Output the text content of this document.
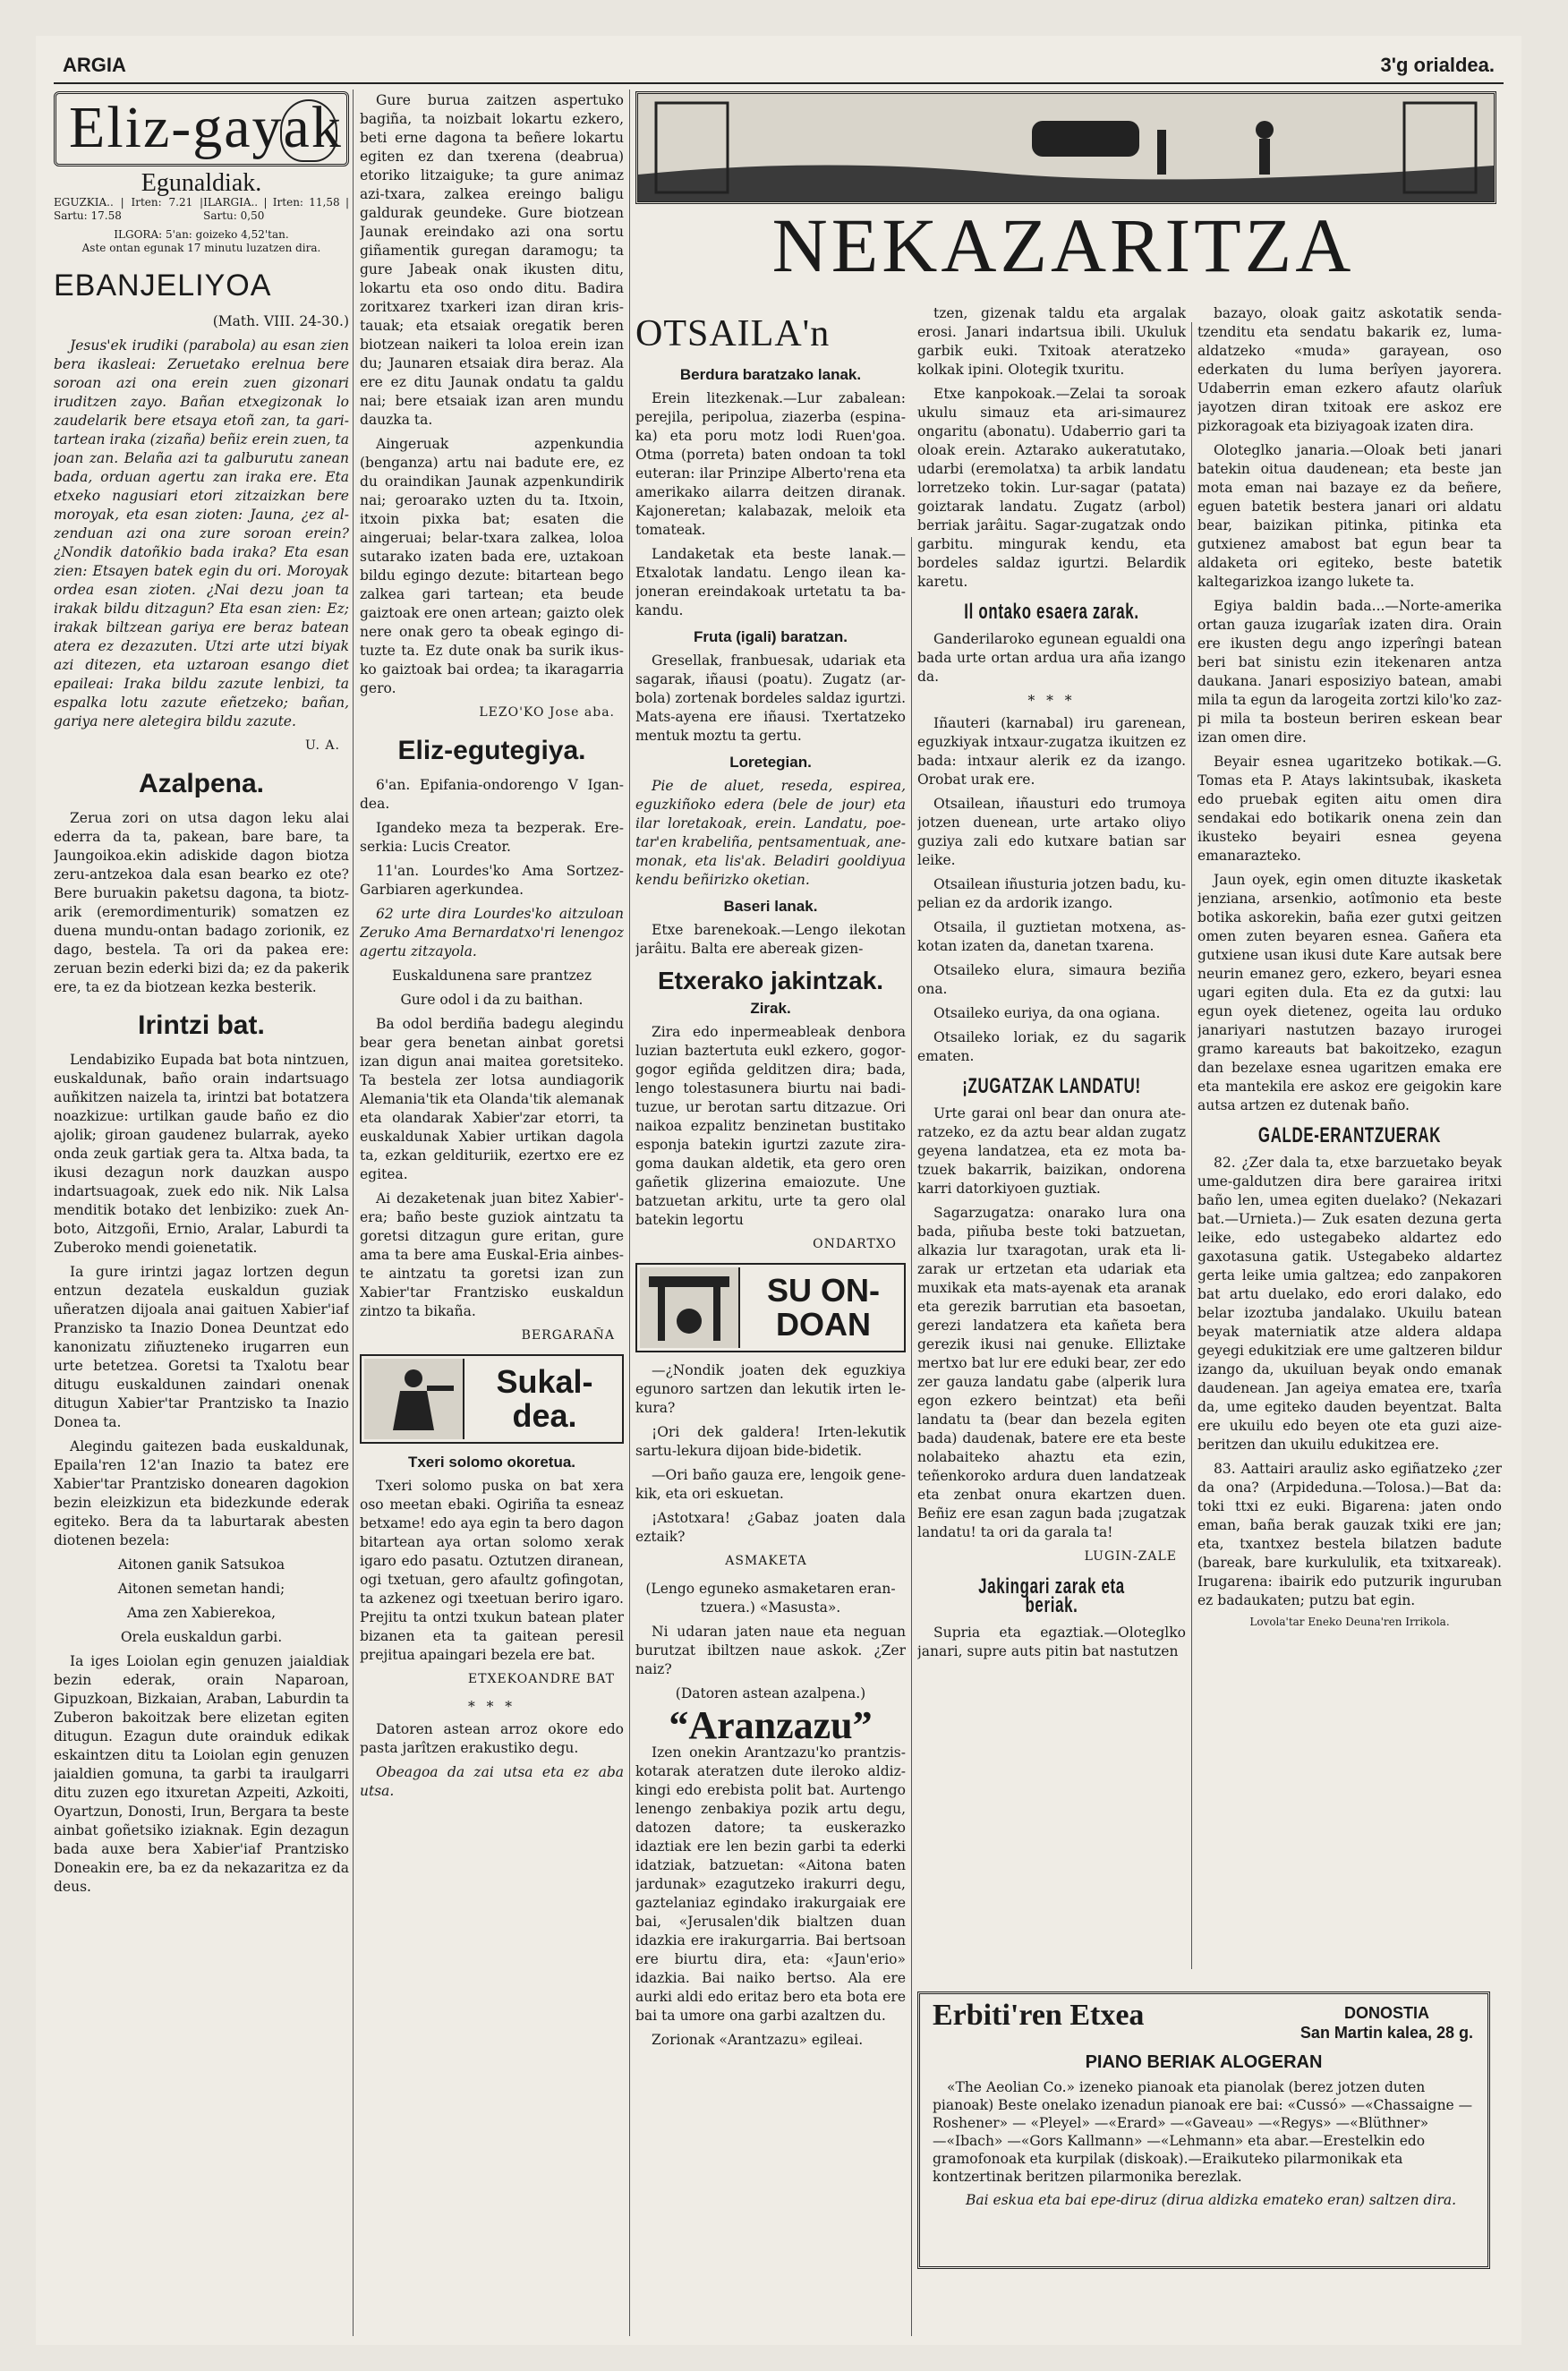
ARGIA	3'g orialdea.
Eliz-gayak
Egunaldiak.
EGUZKIA.. | Irten: 7.21 | Sartu: 17.58
ILARGIA.. | Irten: 11,58 | Sartu: 0,50
ILGORA: 5'an: goizeko 4,52'tan.
Aste ontan egunak 17 minutu luzatzen dira.
EBANJELIYOA

(Math. VIII. 24-30.)

Jesus'ek irudiki (parabola) au esan zien bera ikasleai: Zeruetako erelnua bere soroan azi ona erein zuen gizonari iruditzen zayo. Bañan etxegizonak lo zaudelarik bere etsaya etoñ zan, ta gari-tartean iraka (zizaña) beñiz erein zuen, ta joan zan. Belaña azi ta galburutu zanean bada, orduan agertu zan iraka ere. Eta etxeko nagusiari etori zitzaizkan bere moroyak, eta esan zioten: Jauna, ¿ez al-zenduan azi ona zure soroan erein? ¿Nondik datoñkio bada iraka? Eta esan zien: Etsayen batek egin du ori. Moroyak ordea esan zioten. ¿Nai dezu joan ta irakak bildu ditzagun? Eta esan zien: Ez; irakak biltzean gariya ere beraz batean atera ez dezazuten. Utzi arte utzi biyak azi ditezen, eta uztaroan esango diet epaileai: Iraka bildu zazute lenbizi, ta espalka lotu zazute eñetzeko; bañan, gariya nere aletegira bildu zazute.

U. A.
Azalpena.

Zerua zori on utsa dagon leku alai ederra da ta, pakean, bare bare, ta Jaungoikoa.ekin adiskide dagon biotza zeru-antzekoa dala esan bearko ez ote? Bere buruakin paketsu dagona, ta biotz-arik (eremordimenturik) somatzen ez duena mundu-ontan badago zorionik, ez dago, bestela. Ta ori da pakea ere: zeruan bezin ederki bizi da; ez da pakerik ere, ta ez da biotzean kezka besterik.

Irintzi bat.

Lendabiziko Eupada bat bota nintzuen, euskaldunak, baño orain indartsuago auñkitzen naizela ta, irintzi bat botatzera noazkizue: urtilkan gaude baño ez dio ajolik; giroan gaudenez bularrak, ayeko onda zeuk gartiak gera ta. Altxa bada, ta ikusi dezagun nork dauzkan auspo indartsuagoak, zuek edo nik. Nik Lalsa menditik botako det lenbiziko: zuek Anboto, Aitzgoñi, Ernio, Aralar, Laburdi ta Zuberoko mendi goienetatik.

Ia gure irintzi jagaz lortzen degun entzun dezatela euskaldun guziak uñeratzen dijoala anai gaituen Xabier'iaf Pranzisko ta Inazio Donea Deuntzat edo kanonizatu ziñuzteneko irugarren eun urte betetzea. Goretsi ta Txalotu bear ditugu euskaldunen zaindari onenak ditugun Xabier'tar Prantzisko ta Inazio Donea ta.

Alegindu gaitezen bada euskaldunak, Epaila'ren 12'an Inazio ta batez ere Xabier'tar Prantzisko donearen dagokion bezin eleizkizun eta bidezkunde ederak egiteko. Bera da ta laburtarak abesten diotenen bezela:

Aitonen ganik Satsukoa

Aitonen semetan handi;

Ama zen Xabierekoa,

Orela euskaldun garbi.

Ia iges Loiolan egin genuzen jaialdiak bezin ederak, orain Naparoan, Gipuzkoan, Bizkaian, Araban, Laburdin ta Zuberon bakoitzak bere elizetan egiten ditugun. Ezagun dute orainduk edikak eskaintzen ditu ta Loiolan egin genuzen jaialdien gomuna, ta garbi ta iraulgarri ditu zuzen ego itxuretan Azpeiti, Azkoiti, Oyartzun, Donosti, Irun, Bergara ta beste ainbat goñetsiko iziaknak. Egin dezagun bada auxe bera Xabier'iaf Prantzisko Doneakin ere, ba ez da nekazaritza ez da deus.

Gure burua zaitzen aspertuko bagiña, ta noizbait lokartu ezkero, beti erne dagona ta beñere lokartu egiten ez dan txerena (deabrua) etoriko litzaiguke; ta gure animaz azi-txara, zalkea ereingo baligu galdurak geundeke. Gure biotzean Jaunak ereindako azi ona sortu giñamentik guregan daramogu; ta gure Jabeak onak ikusten ditu, lokartu eta oso ondo ditu. Badira zoritxarez txarkeri izan diran kristauak; eta etsaiak oregatik beren biotzean naikeri ta loloa erein izan du; Jaunaren etsaiak dira beraz. Ala ere ez ditu Jaunak ondatu ta galdu nai; bere etsaiak izan aren mundu dauzka ta.

Aingeruak azpenkundia (benganza) artu nai badute ere, ez du oraindikan Jaunak azpenkundirik nai; geroarako uzten du ta. Itxoin, itxoin pixka bat; esaten die aingeruai; belar-txara zalkea, loloa sutarako izaten bada ere, uztakoan bildu egingo dezute: bitartean bego zalkea gari tartean; eta beude gaiztoak ere onen artean; gaizto olek nere onak gero ta obeak egingo dituzte ta. Ez dute onak ba surik ikusko gaiztoak bai ordea; ta ikaragarria gero.

LEZO'KO Jose aba.
Eliz-egutegiya.

6'an. Epifania-ondorengo V Igandea.

Igandeko meza ta bezperak. Ereserkia: Lucis Creator.

11'an. Lourdes'ko Ama SortzezGarbiaren agerkundea.

62 urte dira Lourdes'ko aitzuloan Zeruko Ama Bernardatxo'ri lenengoz agertu zitzayola.

Euskaldunena sare prantzez

Gure odol i da zu baithan.

Ba odol berdiña badegu alegindu bear gera benetan ainbat goretsi izan digun anai maitea goretsiteko. Ta bestela zer lotsa aundiagorik Alemania'tik eta Olanda'tik alemanak eta olandarak Xabier'zar etorri, ta euskaldunak Xabier urtikan dagola ta, ezkan geldituriik, ezertxo ere ez egitea.

Ai dezaketenak juan bitez Xabier'era; baño beste guziok aintzatu ta goretsi ditzagun gure eritan, gure ama ta bere ama Euskal-Eria ainbeste aintzatu ta goretsi izan zun Xabier'tar Frantzisko euskaldun zintzo ta bikaña.

BERGARAÑA
Sukal-dea.
Txeri solomo okoretua.

Txeri solomo puska on bat xera oso meetan ebaki. Ogiriña ta esneaz betxame! edo aya egin ta bero dagon bitartean aya ortan solomo xerak igaro edo pasatu. Oztutzen diranean, ogi txetuan, gero afaultz gofingotan, ta azkenez ogi txeetuan beriro igaro. Prejitu ta ontzi txukun batean plater bizanen eta ta gaitean peresil prejitua apaingari bezela ere bat.

ETXEKOANDRE BAT
* * *

Datoren astean arroz okore edo pasta jarîtzen erakustiko degu.

Obeagoa da zai utsa eta ez aba utsa.

NEKAZARITZA
OTSAILA'n
Berdura baratzako lanak.

Erein litezkenak.—Lur zabalean: perejila, peripolua, ziazerba (espinaka) eta poru motz lodi Ruen'goa. Otma (porreta) baten ondoan ta tokl euteran: ilar Prinzipe Alberto'rena eta amerikako ailarra deitzen diranak. Kajoneretan; kalabazak, meloik eta tomateak.

Landaketak eta beste lanak.—Etxalotak landatu. Lengo ilean kajoneran ereindakoak urtetatu ta bakandu.

Fruta (igali) baratzan.

Gresellak, franbuesak, udariak eta sagarak, iñausi (poatu). Zugatz (arbola) zortenak bordeles saldaz igurtzi. Mats-ayena ere iñausi. Txertatzeko mentuk moztu ta gertu.

Loretegian.

Pie de aluet, reseda, espirea, eguzkiñoko edera (bele de jour) eta ilar loretakoak, erein. Landatu, poetar'en krabeliña, pentsamentuak, anemonak, eta lis'ak. Beladiri gooldiyua kendu beñirizko oketian.

Baseri lanak.

Etxe barenekoak.—Lengo ilekotan jarâitu. Balta ere abereak gizen-

Etxerako jakintzak.
Zirak.

Zira edo inpermeableak denbora luzian baztertuta eukl ezkero, gogor-gogor egiñda gelditzen dira; bada, lengo tolestasunera biurtu nai badituzue, ur berotan sartu ditzazue. Ori naikoa ezpalitz benzinetan bustitako esponja batekin igurtzi zazute zira-goma daukan aldetik, eta gero oren gañetik glizerina emaiozute. Une batzuetan arkitu, urte ta gero olal batekin legortu

ONDARTXO
SU ON-DOAN

—¿Nondik joaten dek eguzkiya egunoro sartzen dan lekutik irten lekura?

¡Ori dek galdera! Irten-lekutik sartu-lekura dijoan bide-bidetik.

—Ori baño gauza ere, lengoik genekik, eta ori eskuetan.

¡Astotxara! ¿Gabaz joaten dala eztaik?

ASMAKETA

(Lengo eguneko asmaketaren erantzuera.) «Masusta».

Ni udaran jaten naue eta neguan burutzat ibiltzen naue askok. ¿Zer naiz?

(Datoren astean azalpena.)

“Aranzazu”

Izen onekin Arantzazu'ko prantziskotarak ateratzen dute ileroko aldizkingi edo erebista polit bat. Aurtengo lenengo zenbakiya pozik artu degu, datozen datore; ta euskerazko idaztiak ere len bezin garbi ta ederki idatziak, batzuetan: «Aitona baten jardunak» ezagutzeko irakurri degu, gaztelaniaz egindako irakurgaiak ere bai, «Jerusalen'dik bialtzen duan idazkia ere irakurgarria. Bai bertsoan ere biurtu dira, eta: «Jaun'erio» idazkia. Bai naiko bertso. Ala ere aurki aldi edo eritaz bero eta bota ere bai ta umore ona garbi azaltzen du.

Zorionak «Arantzazu» egileai.

tzen, gizenak taldu eta argalak erosi. Janari indartsua ibili. Ukuluk garbik euki. Txitoak ateratzeko kolkak ipini. Olotegik txuritu.

Etxe kanpokoak.—Zelai ta soroak ukulu simauz eta ari-simaurez ongaritu (abonatu). Udaberrio gari ta oloak erein. Aztarako aukeratutako, udarbi (eremolatxa) ta arbik landatu lorretzeko tokin. Lur-sagar (patata) goiztarak landatu. Zugatz (arbol) berriak jarâitu. Sagar-zugatzak ondo garbitu. mingurak kendu, eta bordeles saldaz igurtzi. Belardik karetu.

Il ontako esaera zarak.

Ganderilaroko egunean egualdi ona bada urte ortan ardua ura aña izango da.

* * *

Iñauteri (karnabal) iru garenean, eguzkiyak intxaur-zugatza ikuitzen ez bada: intxaur alerik ez da izango. Orobat urak ere.

Otsailean, iñausturi edo trumoya jotzen duenean, urte artako oliyo guziya zali edo kutxare batian sar leike.

Otsailean iñusturia jotzen badu, kupelian ez da ardorik izango.

Otsaila, il guztietan motxena, askotan izaten da, danetan txarena.

Otsaileko elura, simaura beziña ona.

Otsaileko euriya, da ona ogiana.

Otsaileko loriak, ez du sagarik ematen.

¡ZUGATZAK LANDATU!

Urte garai onl bear dan onura ateratzeko, ez da aztu bear aldan zugatz geyena landatzea, eta ez mota batzuek bakarrik, baizikan, ondorena karri datorkiyoen guztiak.

Sagarzugatza: onarako lura ona bada, piñuba beste toki batzuetan, alkazia lur txaragotan, urak eta lizarak ur ertzetan eta udariak eta muxikak eta mats-ayenak eta aranak eta gerezik barrutian eta basoetan, gerezi landatzera eta kañeta bera gerezik ikusi nai genuke. Elliztake mertxo bat lur ere eduki bear, zer edo zer gauza landatu gabe (alperik lura egon ezkero beintzat) eta beñi landatu ta (bear dan bezela egiten bada) daudenak, batere ere eta beste nolabaiteko ahaztu eta ezin, teñenkoroko ardura duen landatzeak eta zenbat onura ekartzen duen. Beñiz ere esan zagun bada ¡zugatzak landatu! ta ori da garala ta!

LUGIN-ZALE
Jakingari zarak eta beriak.

Supria eta egaztiak.—Oloteglko janari, supre auts pitin bat nastutzen

bazayo, oloak gaitz askotatik sendatzenditu eta sendatu bakarik ez, lumaaldatzeko «muda» garayean, oso ederkaten du luma berîyen jayorera. Udaberrin eman ezkero afautz olarîuk jayotzen diran txitoak ere askoz ere pizkoragoak eta biziyagoak izaten dira.

Oloteglko janaria.—Oloak beti janari batekin oitua daudenean; eta beste jan mota eman nai bazaye ez da beñere, eguen batetik bestera janari ori aldatu bear, baizikan pitinka, pitinka eta gutxienez amabost bat egun bear ta aldaketa ori egiteko, beste batetik kaltegarizkoa izango lukete ta.

Egiya baldin bada...—Norte-amerika ortan gauza izugarîak izaten dira. Orain ere ikusten degu ango izperîngi batean beri bat sinistu ezin itekenaren antza daukana. Janari esposiziyo batean, amabi mila ta egun da larogeita zortzi kilo'ko zazpi mila ta bosteun beriren eskean bear izan omen dire.

Beyair esnea ugaritzeko botikak.—G. Tomas eta P. Atays lakintsubak, ikasketa edo pruebak egiten aitu omen dira sendakai edo botikarik onena zein dan ikusteko beyairi esnea geyena emanarazteko.

Jaun oyek, egin omen dituzte ikasketak jenziana, arsenkio, aotîmonio eta beste botika askorekin, baña ezer gutxi geitzen omen zuten beyaren esnea. Gañera eta gutxiene usan ikusi dute Kare autsak bere neurin emanez gero, ezkero, beyari esnea ugari egiten dula. Eta ez da gutxi: lau egun oyek dietenez, ogeita lau orduko janariyari nastutzen bazayo irurogei gramo kareauts bat bakoitzeko, ezagun dan bezelaxe esnea ugaritzen emaka ere eta mantekila ere askoz ere geigokin kare autsa artzen ez dutenak baño.

GALDE-ERANTZUERAK

82. ¿Zer dala ta, etxe barzuetako beyak ume-galdutzen dira bere garairea iritxi baño len, umea egiten duelako? (Nekazari bat.—Urnieta.)— Zuk esaten dezuna gerta leike, edo ustegabeko aldartez edo gaxotasuna gatik. Ustegabeko aldartez gerta leike umia galtzea; edo zanpakoren bat artu duelako, edo erori dalako, edo belar izoztuba jandalako. Ukuilu batean beyak materniatik atze aldera aldapa geyegi edukitziak ere ume galtzeren bildur izango da, ukuiluan beyak ondo emanak daudenean. Jan ageiya ematea ere, txarîa da, ume egiteko dauden beyentzat. Balta ere ukuilu edo beyen ote eta guzi aize-beritzen dan ukuilu edukitzea ere.

83. Aattairi arauliz asko egiñatzeko ¿zer da ona? (Arpideduna.—Tolosa.)—Bat da: toki ttxi ez euki. Bigarena: jaten ondo eman, baña berak gauzak txiki ere jan; eta, txantxez bestela bilatzen badute (bareak, bare kurkululik, eta txitxareak). Irugarena: ibairik edo putzurik inguruban ez badaukaten; putzu bat egin.

Lovola'tar Eneko Deuna'ren Irrikola.
Erbiti'ren Etxea	DONOSTIA
San Martin kalea, 28 g.
PIANO BERIAK ALOGERAN

«The Aeolian Co.» izeneko pianoak eta pianolak (berez jotzen duten pianoak) Beste onelako izenadun pianoak ere bai: «Cussó» —«Chassaigne — Roshener» — «Pleyel» —«Erard» —«Gaveau» —«Regys» —«Blüthner» —«Ibach» —«Gors Kallmann» —«Lehmann» eta abar.—Erestelkin edo gramofonoak eta kurpilak (diskoak).—Eraikuteko pilarmonikak eta kontzertinak beritzen pilarmonika berezlak.

Bai eskua eta bai epe-diruz (dirua aldizka emateko eran) saltzen dira.
